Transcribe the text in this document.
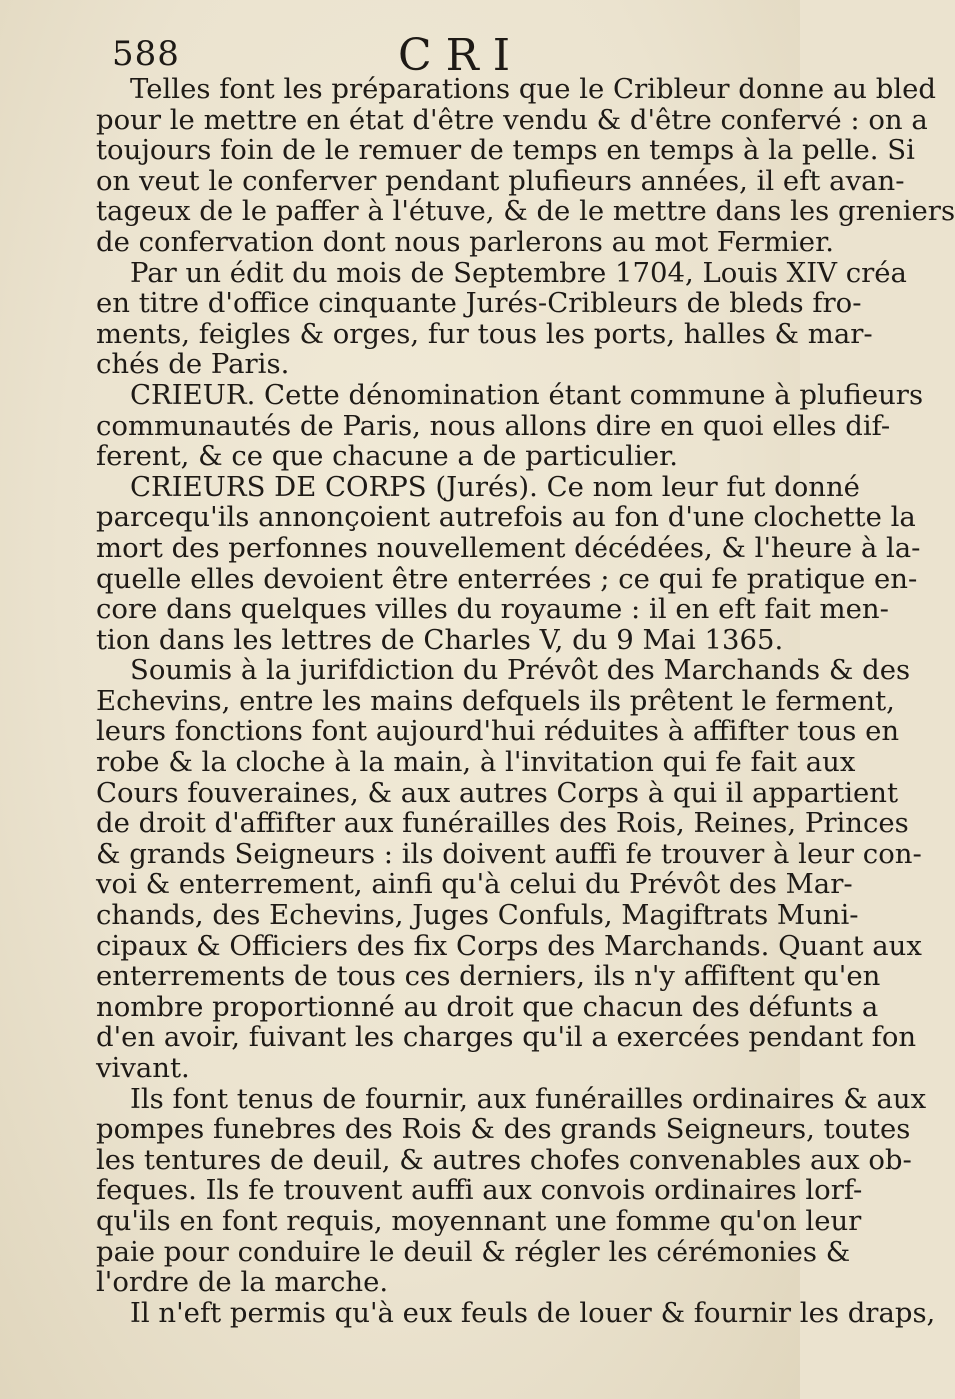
588	CRI
Telles font les préparations que le Cribleur donne au bled
pour le mettre en état d'être vendu & d'être confervé : on a
toujours foin de le remuer de temps en temps à la pelle. Si
on veut le conferver pendant plufieurs années, il eft avan-
tageux de le paffer à l'étuve, & de le mettre dans les greniers
de confervation dont nous parlerons au mot Fermier.
Par un édit du mois de Septembre 1704, Louis XIV créa
en titre d'office cinquante Jurés-Cribleurs de bleds fro-
ments, feigles & orges, fur tous les ports, halles & mar-
chés de Paris.
CRIEUR. Cette dénomination étant commune à plufieurs
communautés de Paris, nous allons dire en quoi elles dif-
ferent, & ce que chacune a de particulier.
CRIEURS DE CORPS (Jurés). Ce nom leur fut donné
parcequ'ils annonçoient autrefois au fon d'une clochette la
mort des perfonnes nouvellement décédées, & l'heure à la-
quelle elles devoient être enterrées ; ce qui fe pratique en-
core dans quelques villes du royaume : il en eft fait men-
tion dans les lettres de Charles V, du 9 Mai 1365.
Soumis à la jurifdiction du Prévôt des Marchands & des
Echevins, entre les mains defquels ils prêtent le ferment,
leurs fonctions font aujourd'hui réduites à affifter tous en
robe & la cloche à la main, à l'invitation qui fe fait aux
Cours fouveraines, & aux autres Corps à qui il appartient
de droit d'affifter aux funérailles des Rois, Reines, Princes
& grands Seigneurs : ils doivent auffi fe trouver à leur con-
voi & enterrement, ainfi qu'à celui du Prévôt des Mar-
chands, des Echevins, Juges Confuls, Magiftrats Muni-
cipaux & Officiers des fix Corps des Marchands. Quant aux
enterrements de tous ces derniers, ils n'y affiftent qu'en
nombre proportionné au droit que chacun des défunts a
d'en avoir, fuivant les charges qu'il a exercées pendant fon
vivant.
Ils font tenus de fournir, aux funérailles ordinaires & aux
pompes funebres des Rois & des grands Seigneurs, toutes
les tentures de deuil, & autres chofes convenables aux ob-
feques. Ils fe trouvent auffi aux convois ordinaires lorf-
qu'ils en font requis, moyennant une fomme qu'on leur
paie pour conduire le deuil & régler les cérémonies &
l'ordre de la marche.
Il n'eft permis qu'à eux feuls de louer & fournir les draps,
